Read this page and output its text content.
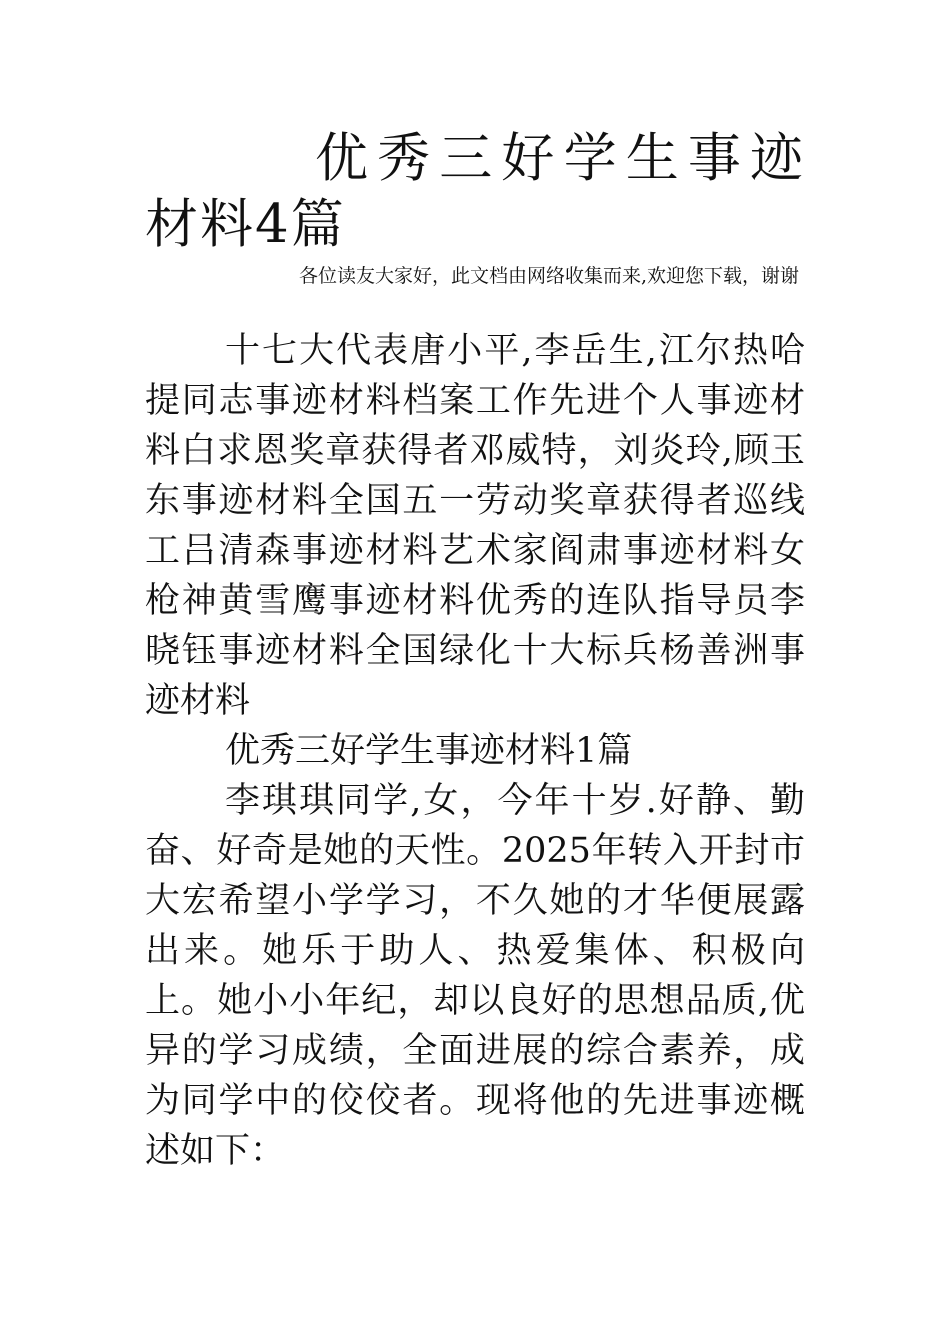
优秀三好学生事迹材料4篇

各位读友大家好，此文档由网络收集而来,欢迎您下载，谢谢

十七大代表唐小平,李岳生,江尔热哈提同志事迹材料档案工作先进个人事迹材料白求恩奖章获得者邓威特，刘炎玲,顾玉东事迹材料全国五一劳动奖章获得者巡线工吕清森事迹材料艺术家阎肃事迹材料女枪神黄雪鹰事迹材料优秀的连队指导员李晓钰事迹材料全国绿化十大标兵杨善洲事迹材料

优秀三好学生事迹材料1篇

李琪琪同学,女，今年十岁.好静、勤奋、好奇是她的天性。2025年转入开封市大宏希望小学学习，不久她的才华便展露出来。她乐于助人、热爱集体、积极向上。她小小年纪，却以良好的思想品质,优异的学习成绩，全面进展的综合素养，成为同学中的佼佼者。现将他的先进事迹概述如下：
